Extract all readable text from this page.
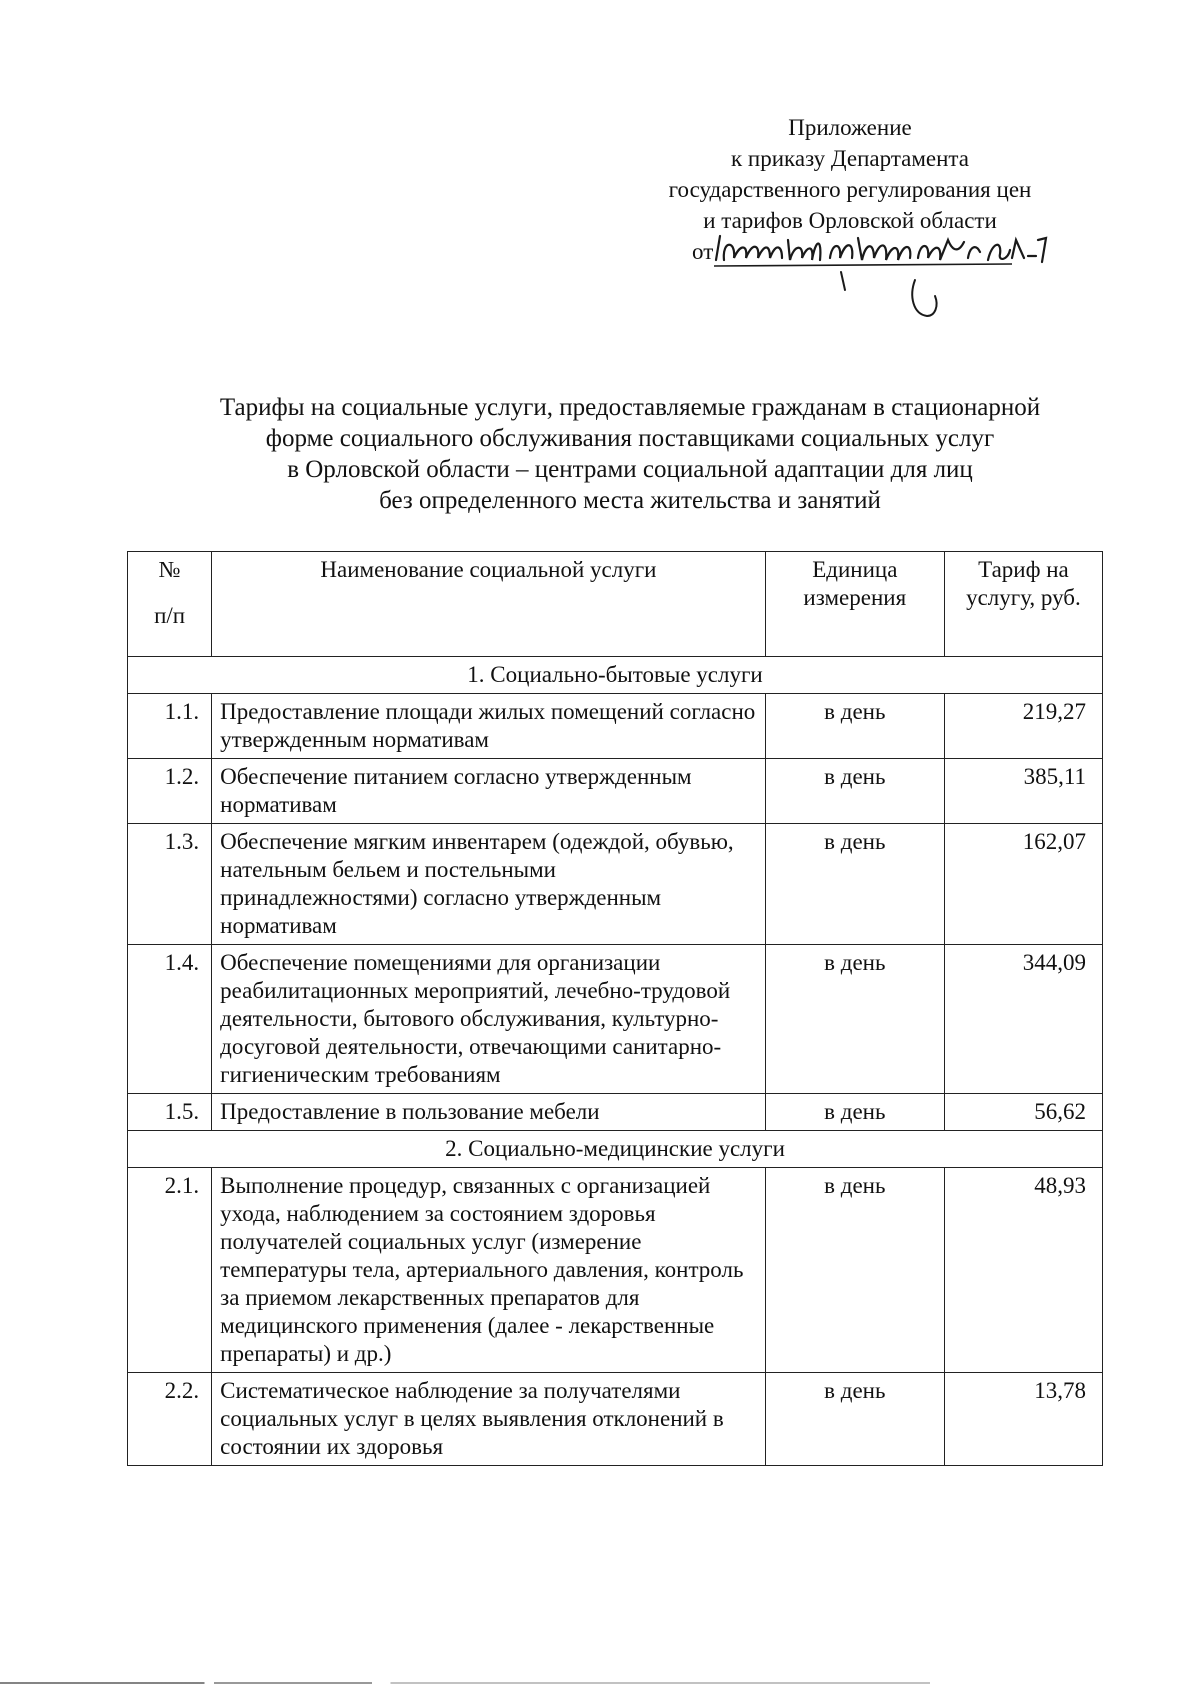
Приложение
к приказу Департамента
государственного регулирования цен
и тарифов Орловской области
от
Тарифы на социальные услуги, предоставляемые гражданам в стационарной
форме социального обслуживания поставщиками социальных услуг
в Орловской области – центрами социальной адаптации для лиц
без определенного места жительства и занятий
№
п/п	Наименование социальной услуги	Единица измерения	Тариф на услугу, руб.
1. Социально-бытовые услуги			
1.1.	Предоставление площади жилых помещений согласно утвержденным нормативам	в день	219,27
1.2.	Обеспечение питанием согласно утвержденным нормативам	в день	385,11
1.3.	Обеспечение мягким инвентарем (одеждой, обувью, нательным бельем и постельными принадлежностями) согласно утвержденным нормативам	в день	162,07
1.4.	Обеспечение помещениями для организации реабилитационных мероприятий, лечебно-трудовой деятельности, бытового обслуживания, культурно-досуговой деятельности, отвечающими санитарно-гигиеническим требованиям	в день	344,09
1.5.	Предоставление в пользование мебели	в день	56,62
2. Социально-медицинские услуги			
2.1.	Выполнение процедур, связанных с организацией ухода, наблюдением за состоянием здоровья получателей социальных услуг (измерение температуры тела, артериального давления, контроль за приемом лекарственных препаратов для медицинского применения (далее - лекарственные препараты) и др.)	в день	48,93
2.2.	Систематическое наблюдение за получателями социальных услуг в целях выявления отклонений в состоянии их здоровья	в день	13,78
